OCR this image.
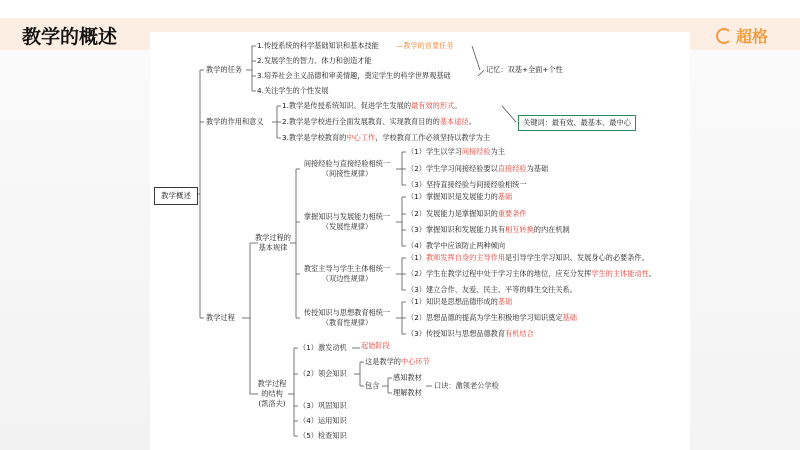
教学的概述	超格
教学概述
教学的任务
1.传授系统的科学基础知识和基本技能
2.发展学生的智力、体力和创造才能
3.培养社会主义品德和审美情趣，奠定学生的科学世界观基础
4.关注学生的个性发展
—教学的首要任务
记忆：双基+全面+个性
教学的作用和意义
1.教学是传授系统知识、促进学生发展的最有效的形式。
2.教学是学校进行全面发展教育、实现教育目的的基本途径。
3.教学是学校教育的中心工作，学校教育工作必须坚持以教学为主
关键词：最有效、最基本、最中心
教学过程
教学过程的
基本规律
间接经验与直接经验相统一
（间接性规律）
（1）学生以学习间接经验为主
（2）学生学习间接经验要以直接经验为基础
（3）坚持直接经验与间接经验相统一
掌握知识与发展能力相统一
（发展性规律）
（1）掌握知识是发展能力的基础
（2）发展能力是掌握知识的重要条件
（3）掌握知识和发展能力具有相互转换的内在机制
（4）教学中应该防止两种倾向
教室主导与学生主体相统一
（双边性规律）
（1）教师发挥自身的主导作用是引导学生学习知识、发展身心的必要条件。
（2）学生在教学过程中处于学习主体的地位，应充分发挥学生的主体能动性。
（3）建立合作、友爱、民主、平等的师生交往关系。
传授知识与思想教育相统一
（教育性规律）
（1）知识是思想品德形成的基础
（2）思想品德的提高为学生积极地学习知识奠定基础
（3）传授知识与思想品德教育有机结合
教学过程
的结构
(凯洛夫)
（1）激发动机 起始阶段
（2）领会知识
这是教学的中心环节
包含
感知教材
理解教材
口诀：激领老公学检
（3）巩固知识
（4）运用知识
（5）检查知识
